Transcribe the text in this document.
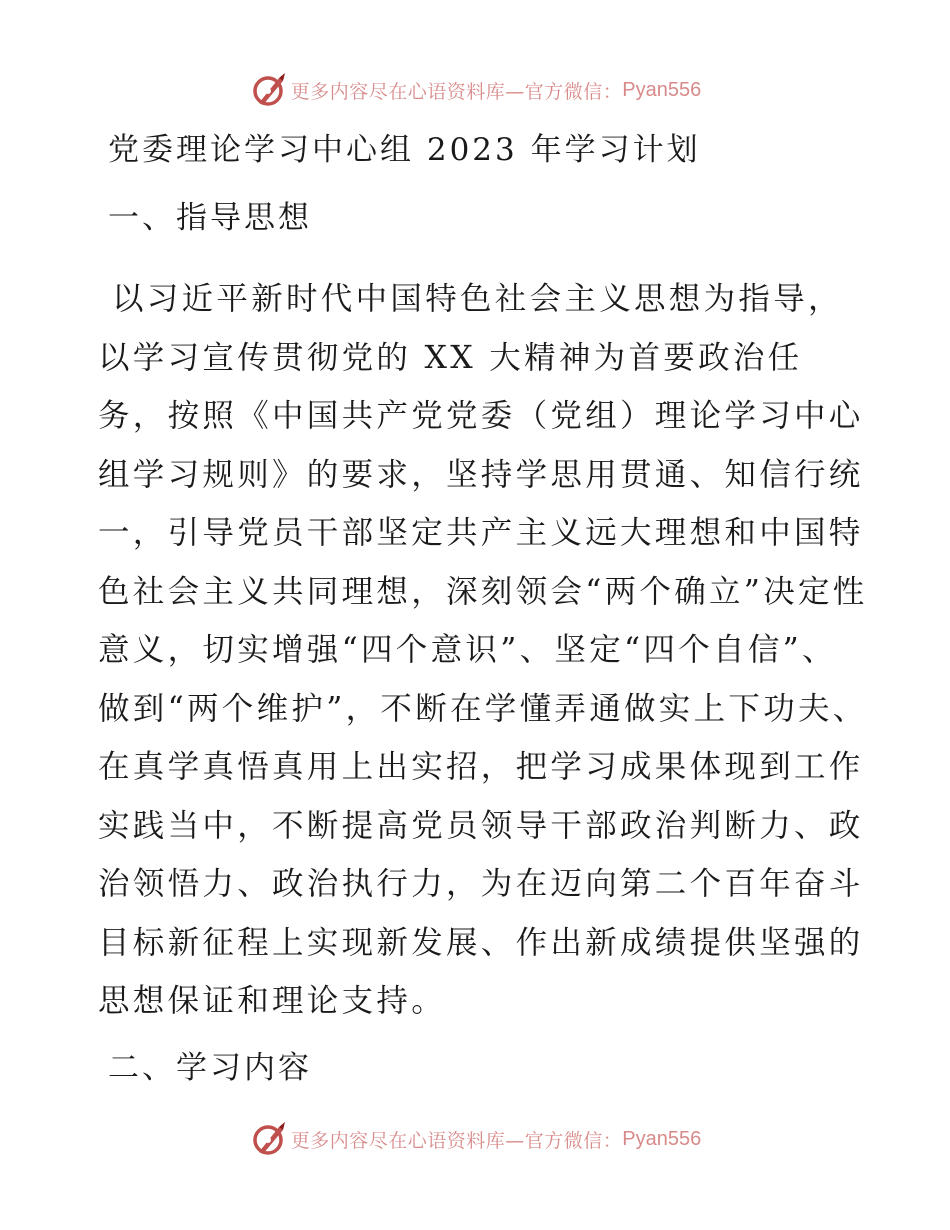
更多内容尽在心语资料库—官方微信： Pyan556
党委理论学习中心组 2023 年学习计划
一、指导思想

以习近平新时代中国特色社会主义思想为指导，以学习宣传贯彻党的 XX 大精神为首要政治任务，按照《中国共产党党委（党组）理论学习中心组学习规则》的要求，坚持学思用贯通、知信行统一，引导党员干部坚定共产主义远大理想和中国特色社会主义共同理想，深刻领会“两个确立”决定性意义，切实增强“四个意识”、坚定“四个自信”、做到“两个维护”，不断在学懂弄通做实上下功夫、在真学真悟真用上出实招，把学习成果体现到工作实践当中，不断提高党员领导干部政治判断力、政治领悟力、政治执行力，为在迈向第二个百年奋斗目标新征程上实现新发展、作出新成绩提供坚强的思想保证和理论支持。

二、学习内容
更多内容尽在心语资料库—官方微信： Pyan556
